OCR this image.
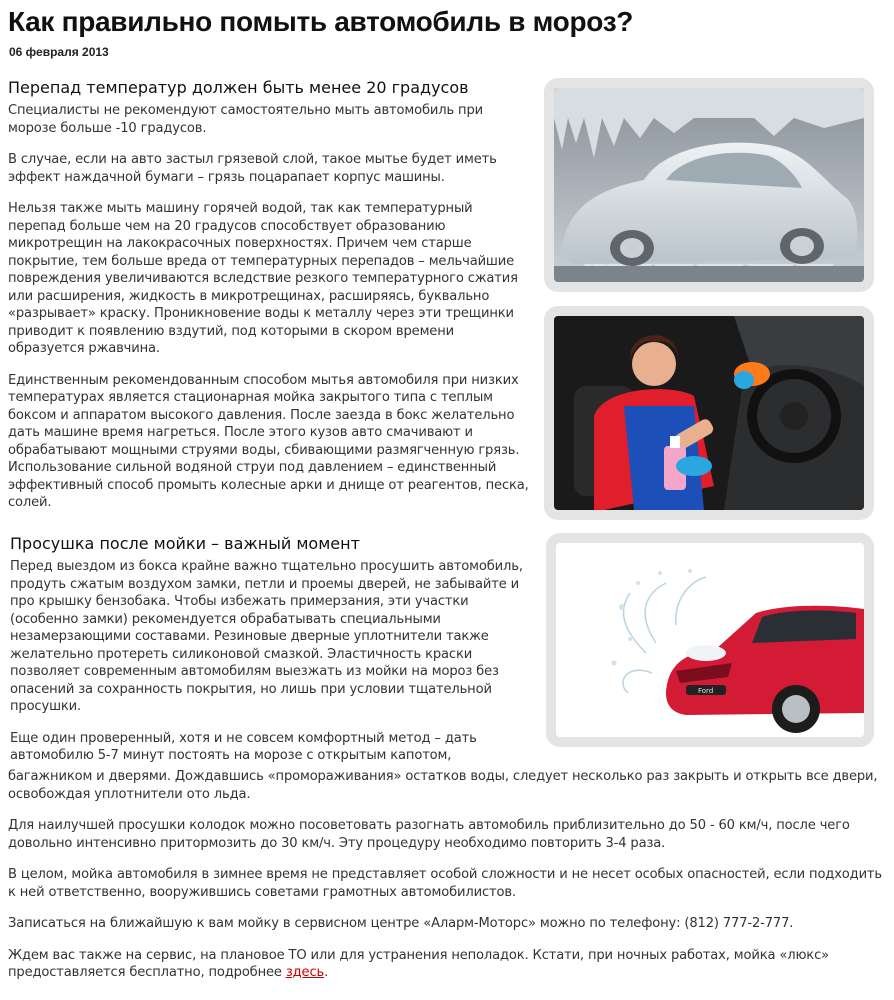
Как правильно помыть автомобиль в мороз?
06 февраля 2013
Перепад температур должен быть менее 20 градусов

Специалисты не рекомендуют самостоятельно мыть автомобиль при морозе больше -10 градусов.

В случае, если на авто застыл грязевой слой, такое мытье будет иметь эффект наждачной бумаги – грязь поцарапает корпус машины.

Нельзя также мыть машину горячей водой, так как температурный перепад больше чем на 20 градусов способствует образованию микротрещин на лакокрасочных поверхностях. Причем чем старше покрытие, тем больше вреда от температурных перепадов – мельчайшие повреждения увеличиваются вследствие резкого температурного сжатия или расширения, жидкость в микротрещинах, расширяясь, буквально «разрывает» краску. Проникновение воды к металлу через эти трещинки приводит к появлению вздутий, под которыми в скором времени образуется ржавчина.

Единственным рекомендованным способом мытья автомобиля при низких температурах является стационарная мойка закрытого типа с теплым боксом и аппаратом высокого давления. После заезда в бокс желательно дать машине время нагреться. После этого кузов авто смачивают и обрабатывают мощными струями воды, сбивающими размягченную грязь. Использование сильной водяной струи под давлением – единственный эффективный способ промыть колесные арки и днище от реагентов, песка, солей.

Просушка после мойки – важный момент

Перед выездом из бокса крайне важно тщательно просушить автомобиль, продуть сжатым воздухом замки, петли и проемы дверей, не забывайте и про крышку бензобака. Чтобы избежать примерзания, эти участки (особенно замки) рекомендуется обрабатывать специальными незамерзающими составами. Резиновые дверные уплотнители также желательно протереть силиконовой смазкой. Эластичность краски позволяет современным автомобилям выезжать из мойки на мороз без опасений за сохранность покрытия, но лишь при условии тщательной просушки.

Еще один проверенный, хотя и не совсем комфортный метод – дать автомобилю 5-7 минут постоять на морозе с открытым капотом,

багажником и дверями. Дождавшись «промораживания» остатков воды, следует несколько раз закрыть и открыть все двери, освобождая уплотнители ото льда.

Для наилучшей просушки колодок можно посоветовать разогнать автомобиль приблизительно до 50 - 60 км/ч, после чего довольно интенсивно притормозить до 30 км/ч. Эту процедуру необходимо повторить 3-4 раза.

В целом, мойка автомобиля в зимнее время не представляет особой сложности и не несет особых опасностей, если подходить к ней ответственно, вооружившись советами грамотных автомобилистов.

Записаться на ближайшую к вам мойку в сервисном центре «Аларм-Моторс» можно по телефону: (812) 777-2-777.

Ждем вас также на сервис, на плановое ТО или для устранения неполадок. Кстати, при ночных работах, мойка «люкс» предоставляется бесплатно, подробнее здесь.

Ford
